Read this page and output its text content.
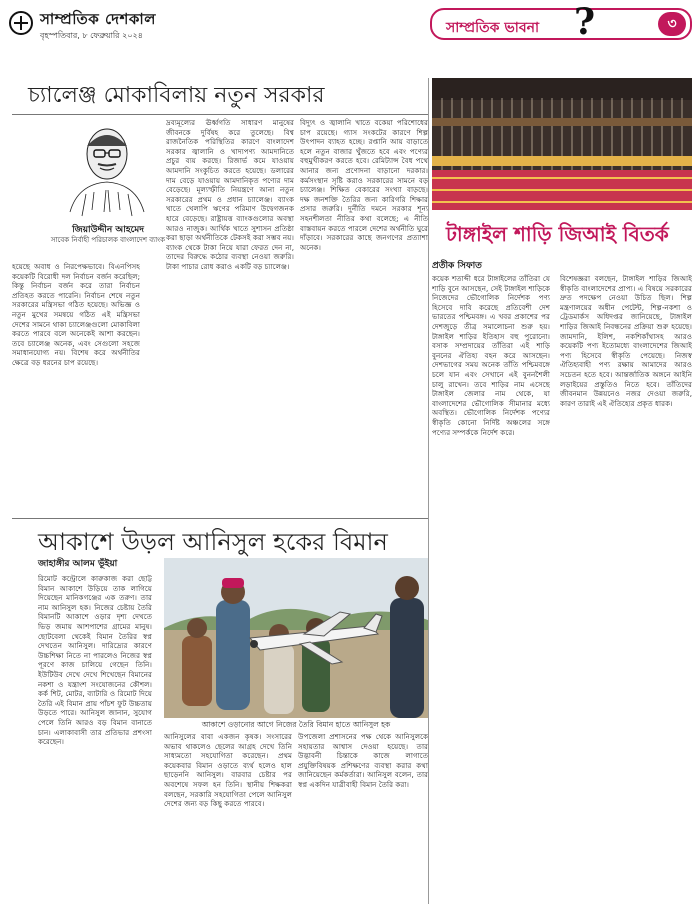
সাম্প্রতিক দেশকাল
বৃহস্পতিবার, ৮ ফেব্রুয়ারি ২০২৪	সাম্প্রতিক ভাবনা ?	৩
চ্যালেঞ্জ মোকাবিলায় নতুন সরকার
জিয়াউদ্দীন আহমেদ
সাবেক নির্বাহী পরিচালক বাংলাদেশ ব্যাংক
হয়েছে অবাধ ও নিরপেক্ষভাবে। বিএনপিসহ কয়েকটি বিরোধী দল নির্বাচন বর্জন করেছিল; কিন্তু নির্বাচন বর্জন করে তারা নির্বাচন প্রতিহত করতে পারেনি। নির্বাচন শেষে নতুন সরকারের মন্ত্রিসভা গঠিত হয়েছে। অভিজ্ঞ ও নতুন মুখের সমন্বয়ে গঠিত এই মন্ত্রিসভা দেশের সামনে থাকা চ্যালেঞ্জগুলো মোকাবিলা করতে পারবে বলে অনেকেই আশা করছেন। তবে চ্যালেঞ্জ অনেক, এবং সেগুলো সহজে সমাধানযোগ্য নয়। বিশেষ করে অর্থনীতির ক্ষেত্রে বড় ধরনের চাপ রয়েছে।
দ্রব্যমূল্যের ঊর্ধ্বগতি সাধারণ মানুষের জীবনকে দুর্বিষহ করে তুলেছে। বিশ্ব রাজনৈতিক পরিস্থিতির কারণে বাংলাদেশ সরকার জ্বালানি ও খাদ্যপণ্য আমদানিতে প্রচুর ব্যয় করছে। রিজার্ভ কমে যাওয়ায় আমদানি সংকুচিত করতে হয়েছে। ডলারের দাম বেড়ে যাওয়ায় আমদানিকৃত পণ্যের দাম বেড়েছে। মূল্যস্ফীতি নিয়ন্ত্রণে আনা নতুন সরকারের প্রথম ও প্রধান চ্যালেঞ্জ। ব্যাংক খাতে খেলাপি ঋণের পরিমাণ উদ্বেগজনক হারে বেড়েছে। রাষ্ট্রায়ত্ত ব্যাংকগুলোর অবস্থা আরও নাজুক। আর্থিক খাতে সুশাসন প্রতিষ্ঠা করা ছাড়া অর্থনীতিকে টেকসই করা সম্ভব নয়। ব্যাংক থেকে টাকা নিয়ে যারা ফেরত দেন না, তাদের বিরুদ্ধে কঠোর ব্যবস্থা নেওয়া জরুরি। টাকা পাচার রোধ করাও একটি বড় চ্যালেঞ্জ।
বিদ্যুৎ ও জ্বালানি খাতে বকেয়া পরিশোধের চাপ রয়েছে। গ্যাস সংকটের কারণে শিল্প উৎপাদন ব্যাহত হচ্ছে। রপ্তানি আয় বাড়াতে হলে নতুন বাজার খুঁজতে হবে এবং পণ্যের বহুমুখীকরণ করতে হবে। রেমিট্যান্স বৈধ পথে আনার জন্য প্রণোদনা বাড়ানো দরকার। কর্মসংস্থান সৃষ্টি করাও সরকারের সামনে বড় চ্যালেঞ্জ। শিক্ষিত বেকারের সংখ্যা বাড়ছে। দক্ষ জনশক্তি তৈরির জন্য কারিগরি শিক্ষার প্রসার জরুরি। দুর্নীতি দমনে সরকার শূন্য সহনশীলতা নীতির কথা বলেছে; এ নীতি বাস্তবায়ন করতে পারলে দেশের অর্থনীতি ঘুরে দাঁড়াবে। সরকারের কাছে জনগণের প্রত্যাশা অনেক।
আকাশে উড়ল আনিসুল হকের বিমান
জাহাঙ্গীর আলম ভূঁইয়া
রিমোট কন্ট্রোলে কারুকাজ করা ছোট্ট বিমান আকাশে উড়িয়ে তাক লাগিয়ে দিয়েছেন মানিকগঞ্জের এক তরুণ। তার নাম আনিসুল হক। নিজের চেষ্টায় তৈরি বিমানটি আকাশে ওড়ার দৃশ্য দেখতে ভিড় জমায় আশপাশের গ্রামের মানুষ। ছোটবেলা থেকেই বিমান তৈরির স্বপ্ন দেখতেন আনিসুল। দারিদ্র্যের কারণে উচ্চশিক্ষা নিতে না পারলেও নিজের স্বপ্ন পূরণে কাজ চালিয়ে গেছেন তিনি। ইউটিউব দেখে দেখে শিখেছেন বিমানের নকশা ও যন্ত্রাংশ সংযোজনের কৌশল। কর্ক শিট, মোটর, ব্যাটারি ও রিমোট দিয়ে তৈরি এই বিমান প্রায় পাঁচশ ফুট উচ্চতায় উড়তে পারে। আনিসুল জানান, সুযোগ পেলে তিনি আরও বড় বিমান বানাতে চান। এলাকাবাসী তার প্রতিভার প্রশংসা করেছেন।
আকাশে ওড়ানোর আগে নিজের তৈরি বিমান হাতে আনিসুল হক
আনিসুলের বাবা একজন কৃষক। সংসারের অভাব থাকলেও ছেলের আগ্রহ দেখে তিনি সাধ্যমতো সহযোগিতা করেছেন। প্রথম কয়েকবার বিমান ওড়াতে ব্যর্থ হলেও হাল ছাড়েননি আনিসুল। বারবার চেষ্টার পর অবশেষে সফল হন তিনি। স্থানীয় শিক্ষকরা বলছেন, সরকারি সহযোগিতা পেলে আনিসুল দেশের জন্য বড় কিছু করতে পারবে।
উপজেলা প্রশাসনের পক্ষ থেকে আনিসুলকে সহায়তার আশ্বাস দেওয়া হয়েছে। তার উদ্ভাবনী চিন্তাকে কাজে লাগাতে প্রযুক্তিবিষয়ক প্রশিক্ষণের ব্যবস্থা করার কথা জানিয়েছেন কর্মকর্তারা। আনিসুল বলেন, তার স্বপ্ন একদিন যাত্রীবাহী বিমান তৈরি করা।
টাঙ্গাইল শাড়ি জিআই বিতর্ক
প্রতীক সিফাত
কয়েক শতাব্দী ধরে টাঙ্গাইলের তাঁতিরা যে শাড়ি বুনে আসছেন, সেই টাঙ্গাইল শাড়িকে নিজেদের ভৌগোলিক নির্দেশক পণ্য হিসেবে দাবি করেছে প্রতিবেশী দেশ ভারতের পশ্চিমবঙ্গ। এ খবর প্রকাশের পর দেশজুড়ে তীব্র সমালোচনা শুরু হয়। টাঙ্গাইল শাড়ির ইতিহাস বহু পুরোনো। বসাক সম্প্রদায়ের তাঁতিরা এই শাড়ি বুননের ঐতিহ্য বহন করে আসছেন। দেশভাগের সময় অনেক তাঁতি পশ্চিমবঙ্গে চলে যান এবং সেখানে এই বুননশৈলী চালু রাখেন। তবে শাড়ির নাম এসেছে টাঙ্গাইল জেলার নাম থেকে, যা বাংলাদেশের ভৌগোলিক সীমানার মধ্যে অবস্থিত। ভৌগোলিক নির্দেশক পণ্যের স্বীকৃতি কোনো নির্দিষ্ট অঞ্চলের সঙ্গে পণ্যের সম্পর্ককে নির্দেশ করে।
বিশেষজ্ঞরা বলছেন, টাঙ্গাইল শাড়ির জিআই স্বীকৃতি বাংলাদেশের প্রাপ্য। এ বিষয়ে সরকারের দ্রুত পদক্ষেপ নেওয়া উচিত ছিল। শিল্প মন্ত্রণালয়ের অধীন পেটেন্ট, শিল্প-নকশা ও ট্রেডমার্কস অধিদপ্তর জানিয়েছে, টাঙ্গাইল শাড়ির জিআই নিবন্ধনের প্রক্রিয়া শুরু হয়েছে। জামদানি, ইলিশ, নকশিকাঁথাসহ আরও কয়েকটি পণ্য ইতোমধ্যে বাংলাদেশের জিআই পণ্য হিসেবে স্বীকৃতি পেয়েছে। নিজস্ব ঐতিহ্যবাহী পণ্য রক্ষায় আমাদের আরও সচেতন হতে হবে। আন্তর্জাতিক অঙ্গনে আইনি লড়াইয়ের প্রস্তুতিও নিতে হবে। তাঁতিদের জীবনমান উন্নয়নেও নজর দেওয়া জরুরি, কারণ তারাই এই ঐতিহ্যের প্রকৃত ধারক।
